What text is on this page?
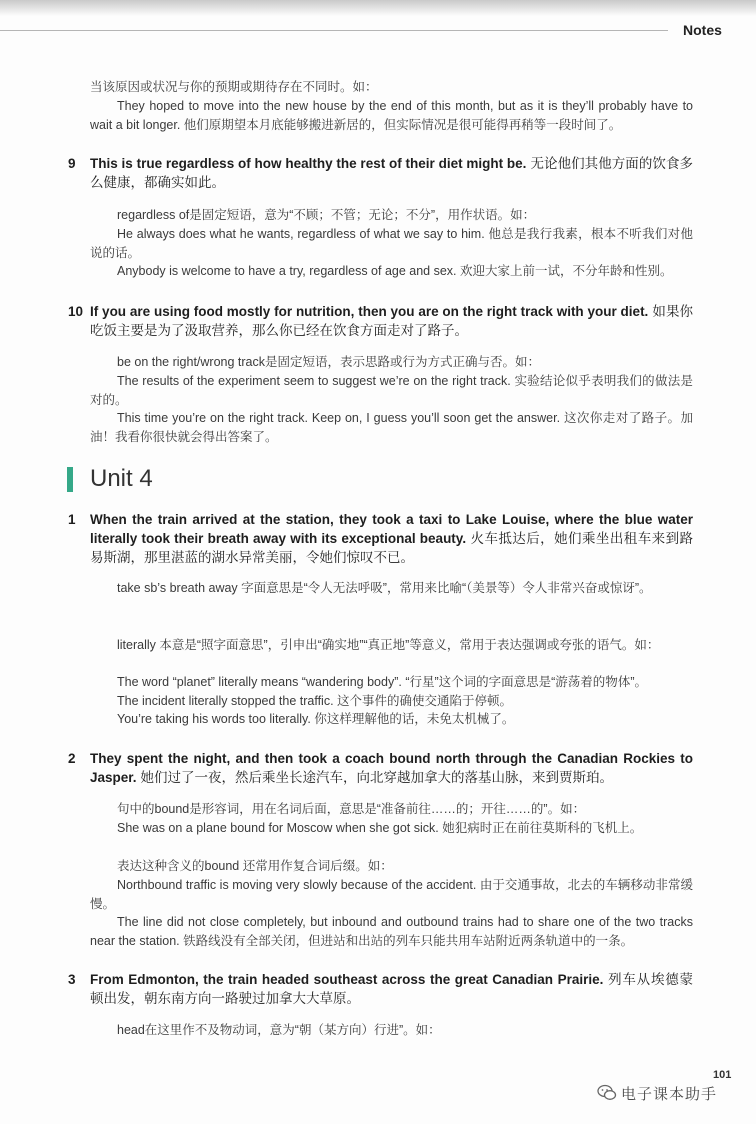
Notes
当该原因或状况与你的预期或期待存在不同时。如：
They hoped to move into the new house by the end of this month, but as it is they’ll probably have to wait a bit longer. 他们原期望本月底能够搬进新居的，但实际情况是很可能得再稍等一段时间了。
9 This is true regardless of how healthy the rest of their diet might be. 无论他们其他方面的饮食多么健康，都确实如此。
regardless of是固定短语，意为“不顾；不管；无论；不分”，用作状语。如：
He always does what he wants, regardless of what we say to him. 他总是我行我素，根本不听我们对他说的话。
Anybody is welcome to have a try, regardless of age and sex. 欢迎大家上前一试，不分年龄和性别。
10 If you are using food mostly for nutrition, then you are on the right track with your diet. 如果你吃饭主要是为了汲取营养，那么你已经在饮食方面走对了路子。
be on the right/wrong track是固定短语，表示思路或行为方式正确与否。如：
The results of the experiment seem to suggest we’re on the right track. 实验结论似乎表明我们的做法是对的。
This time you’re on the right track. Keep on, I guess you’ll soon get the answer. 这次你走对了路子。加油！我看你很快就会得出答案了。
Unit 4
1 When the train arrived at the station, they took a taxi to Lake Louise, where the blue water literally took their breath away with its exceptional beauty. 火车抵达后，她们乘坐出租车来到路易斯湖，那里湛蓝的湖水异常美丽，令她们惊叹不已。
take sb’s breath away 字面意思是“令人无法呼吸”，常用来比喻“（美景等）令人非常兴奋或惊讶”。
literally 本意是“照字面意思”，引申出“确实地”“真正地”等意义，常用于表达强调或夸张的语气。如：
The word “planet” literally means “wandering body”. “行星”这个词的字面意思是“游荡着的物体”。
The incident literally stopped the traffic. 这个事件的确使交通陷于停顿。
You’re taking his words too literally. 你这样理解他的话，未免太机械了。
2 They spent the night, and then took a coach bound north through the Canadian Rockies to Jasper. 她们过了一夜，然后乘坐长途汽车，向北穿越加拿大的落基山脉，来到贾斯珀。
句中的bound是形容词，用在名词后面，意思是“准备前往……的；开往……的”。如：
She was on a plane bound for Moscow when she got sick. 她犯病时正在前往莫斯科的飞机上。
表达这种含义的bound 还常用作复合词后缀。如：
Northbound traffic is moving very slowly because of the accident. 由于交通事故，北去的车辆移动非常缓慢。
The line did not close completely, but inbound and outbound trains had to share one of the two tracks near the station. 铁路线没有全部关闭，但进站和出站的列车只能共用车站附近两条轨道中的一条。
3 From Edmonton, the train headed southeast across the great Canadian Prairie. 列车从埃德蒙顿出发，朝东南方向一路驶过加拿大大草原。
head在这里作不及物动词，意为“朝（某方向）行进”。如：
101
电子课本助手
